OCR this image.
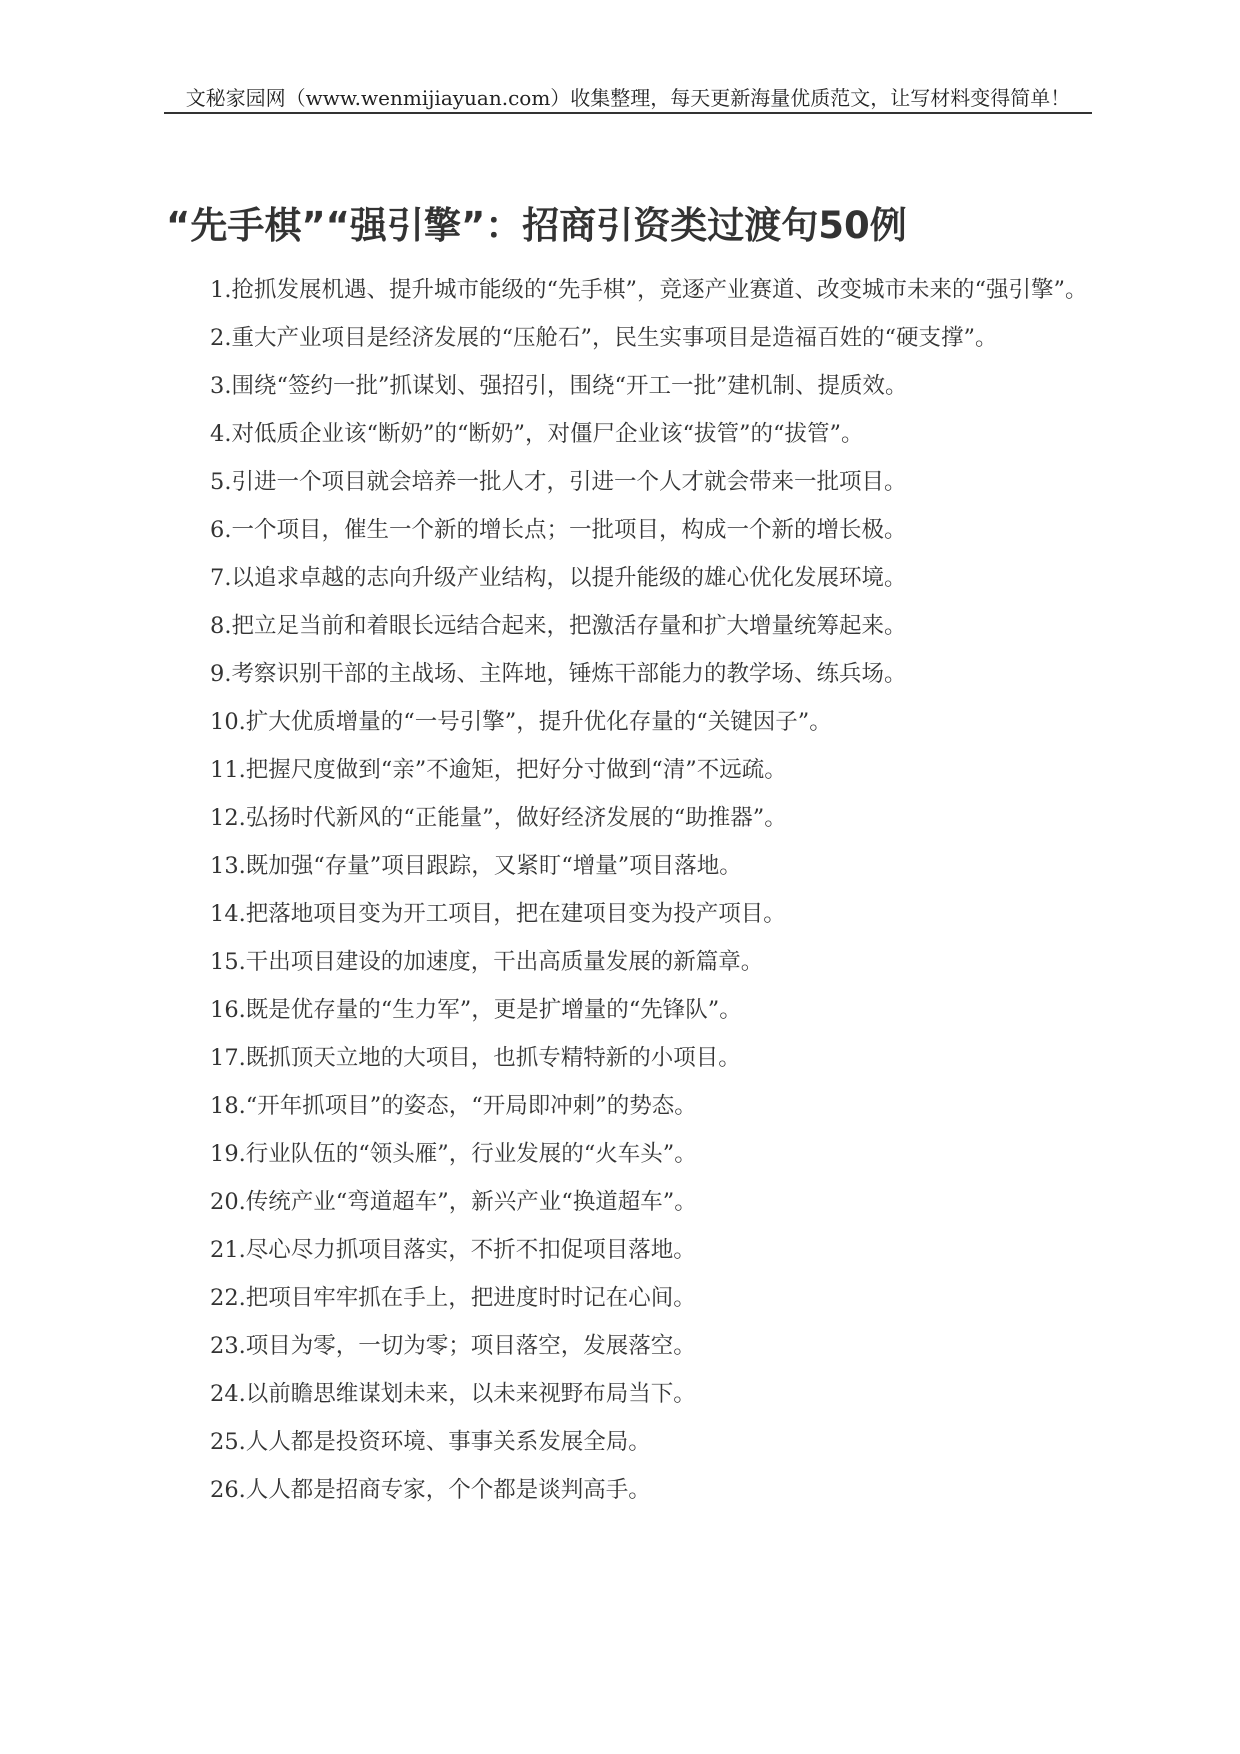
文秘家园网（www.wenmijiayuan.com）收集整理，每天更新海量优质范文，让写材料变得简单！
“先手棋”“强引擎”：招商引资类过渡句50例
1.抢抓发展机遇、提升城市能级的“先手棋”，竞逐产业赛道、改变城市未来的“强引擎”。
2.重大产业项目是经济发展的“压舱石”，民生实事项目是造福百姓的“硬支撑”。
3.围绕“签约一批”抓谋划、强招引，围绕“开工一批”建机制、提质效。
4.对低质企业该“断奶”的“断奶”，对僵尸企业该“拔管”的“拔管”。
5.引进一个项目就会培养一批人才，引进一个人才就会带来一批项目。
6.一个项目，催生一个新的增长点；一批项目，构成一个新的增长极。
7.以追求卓越的志向升级产业结构，以提升能级的雄心优化发展环境。
8.把立足当前和着眼长远结合起来，把激活存量和扩大增量统筹起来。
9.考察识别干部的主战场、主阵地，锤炼干部能力的教学场、练兵场。
10.扩大优质增量的“一号引擎”，提升优化存量的“关键因子”。
11.把握尺度做到“亲”不逾矩，把好分寸做到“清”不远疏。
12.弘扬时代新风的“正能量”，做好经济发展的“助推器”。
13.既加强“存量”项目跟踪，又紧盯“增量”项目落地。
14.把落地项目变为开工项目，把在建项目变为投产项目。
15.干出项目建设的加速度，干出高质量发展的新篇章。
16.既是优存量的“生力军”，更是扩增量的“先锋队”。
17.既抓顶天立地的大项目，也抓专精特新的小项目。
18.“开年抓项目”的姿态，“开局即冲刺”的势态。
19.行业队伍的“领头雁”，行业发展的“火车头”。
20.传统产业“弯道超车”，新兴产业“换道超车”。
21.尽心尽力抓项目落实，不折不扣促项目落地。
22.把项目牢牢抓在手上，把进度时时记在心间。
23.项目为零，一切为零；项目落空，发展落空。
24.以前瞻思维谋划未来，以未来视野布局当下。
25.人人都是投资环境、事事关系发展全局。
26.人人都是招商专家，个个都是谈判高手。
